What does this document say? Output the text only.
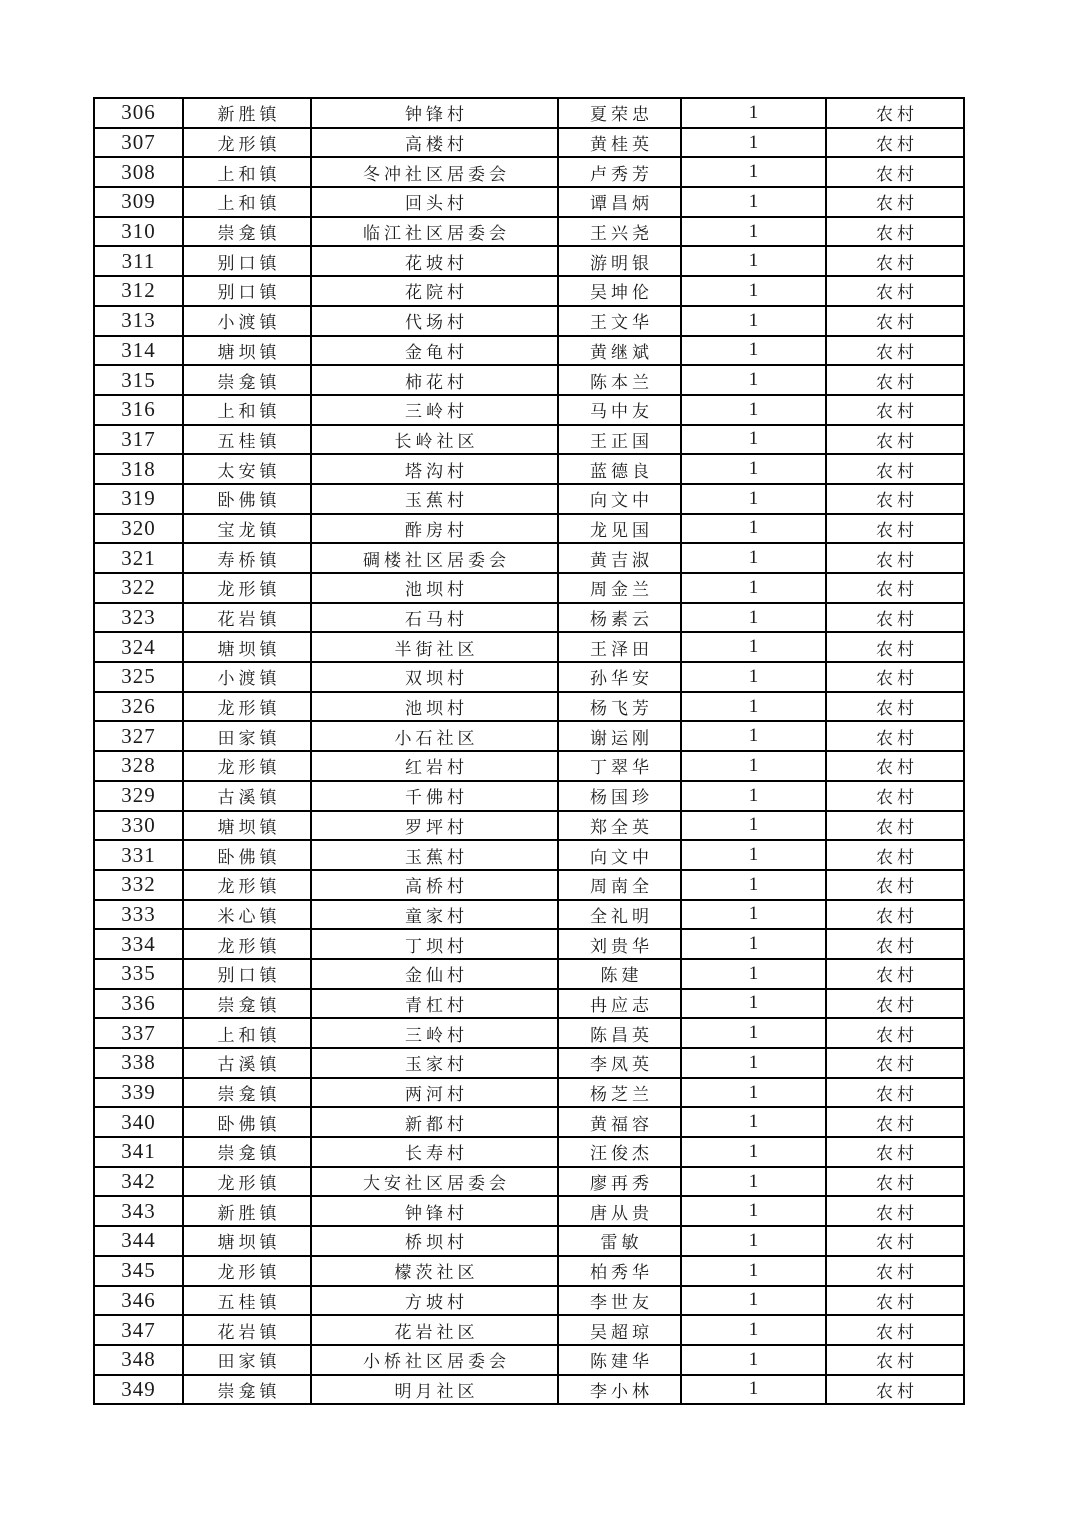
306	新胜镇	钟锋村	夏荣忠	1	农村
307	龙形镇	高楼村	黄桂英	1	农村
308	上和镇	冬冲社区居委会	卢秀芳	1	农村
309	上和镇	回头村	谭昌炳	1	农村
310	崇龛镇	临江社区居委会	王兴尧	1	农村
311	别口镇	花坡村	游明银	1	农村
312	别口镇	花院村	吴坤伦	1	农村
313	小渡镇	代场村	王文华	1	农村
314	塘坝镇	金龟村	黄继斌	1	农村
315	崇龛镇	柿花村	陈本兰	1	农村
316	上和镇	三岭村	马中友	1	农村
317	五桂镇	长岭社区	王正国	1	农村
318	太安镇	塔沟村	蓝德良	1	农村
319	卧佛镇	玉蕉村	向文中	1	农村
320	宝龙镇	酢房村	龙见国	1	农村
321	寿桥镇	碉楼社区居委会	黄吉淑	1	农村
322	龙形镇	池坝村	周金兰	1	农村
323	花岩镇	石马村	杨素云	1	农村
324	塘坝镇	半街社区	王泽田	1	农村
325	小渡镇	双坝村	孙华安	1	农村
326	龙形镇	池坝村	杨飞芳	1	农村
327	田家镇	小石社区	谢运刚	1	农村
328	龙形镇	红岩村	丁翠华	1	农村
329	古溪镇	千佛村	杨国珍	1	农村
330	塘坝镇	罗坪村	郑全英	1	农村
331	卧佛镇	玉蕉村	向文中	1	农村
332	龙形镇	高桥村	周南全	1	农村
333	米心镇	童家村	全礼明	1	农村
334	龙形镇	丁坝村	刘贵华	1	农村
335	别口镇	金仙村	陈建	1	农村
336	崇龛镇	青杠村	冉应志	1	农村
337	上和镇	三岭村	陈昌英	1	农村
338	古溪镇	玉家村	李凤英	1	农村
339	崇龛镇	两河村	杨芝兰	1	农村
340	卧佛镇	新都村	黄福容	1	农村
341	崇龛镇	长寿村	汪俊杰	1	农村
342	龙形镇	大安社区居委会	廖再秀	1	农村
343	新胜镇	钟锋村	唐从贵	1	农村
344	塘坝镇	桥坝村	雷敏	1	农村
345	龙形镇	檬茨社区	柏秀华	1	农村
346	五桂镇	方坡村	李世友	1	农村
347	花岩镇	花岩社区	吴超琼	1	农村
348	田家镇	小桥社区居委会	陈建华	1	农村
349	崇龛镇	明月社区	李小林	1	农村
